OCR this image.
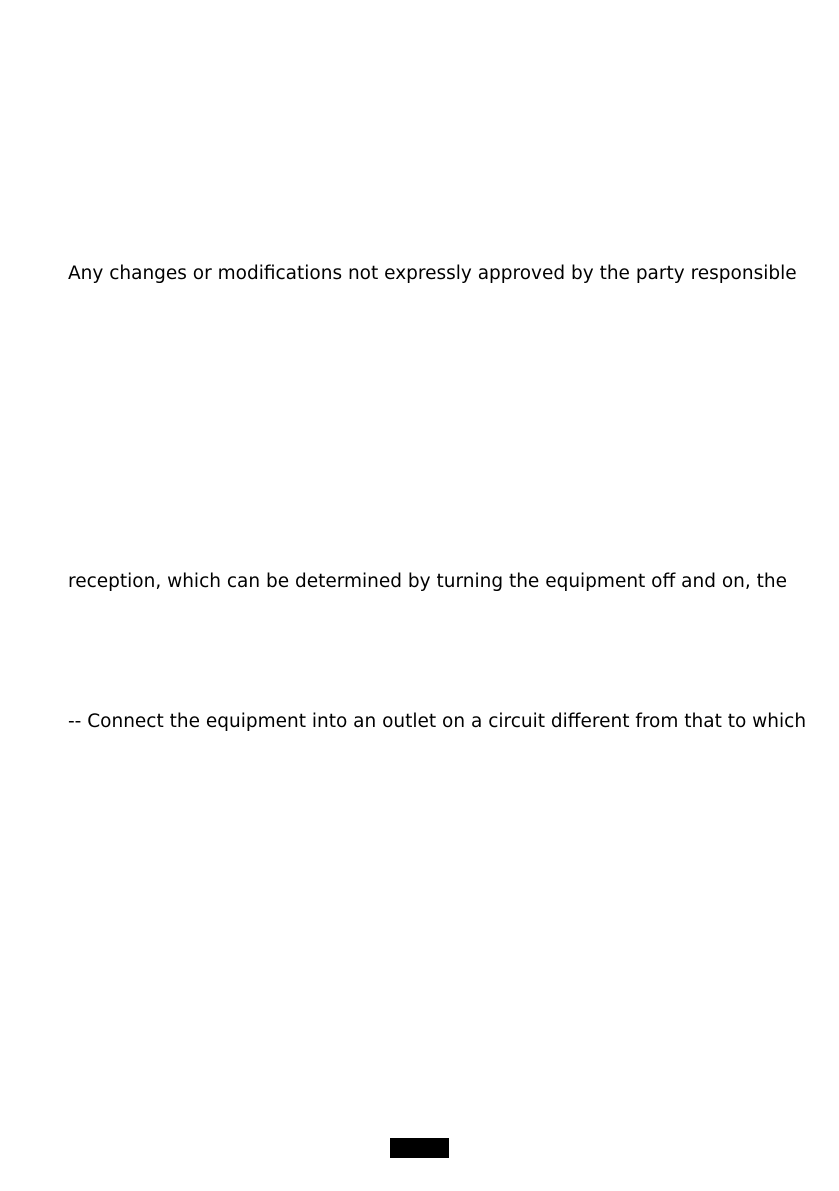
Any changes or modifications not expressly approved by the party responsible
reception, which can be determined by turning the equipment off and on, the
-- Connect the equipment into an outlet on a circuit different from that to which
